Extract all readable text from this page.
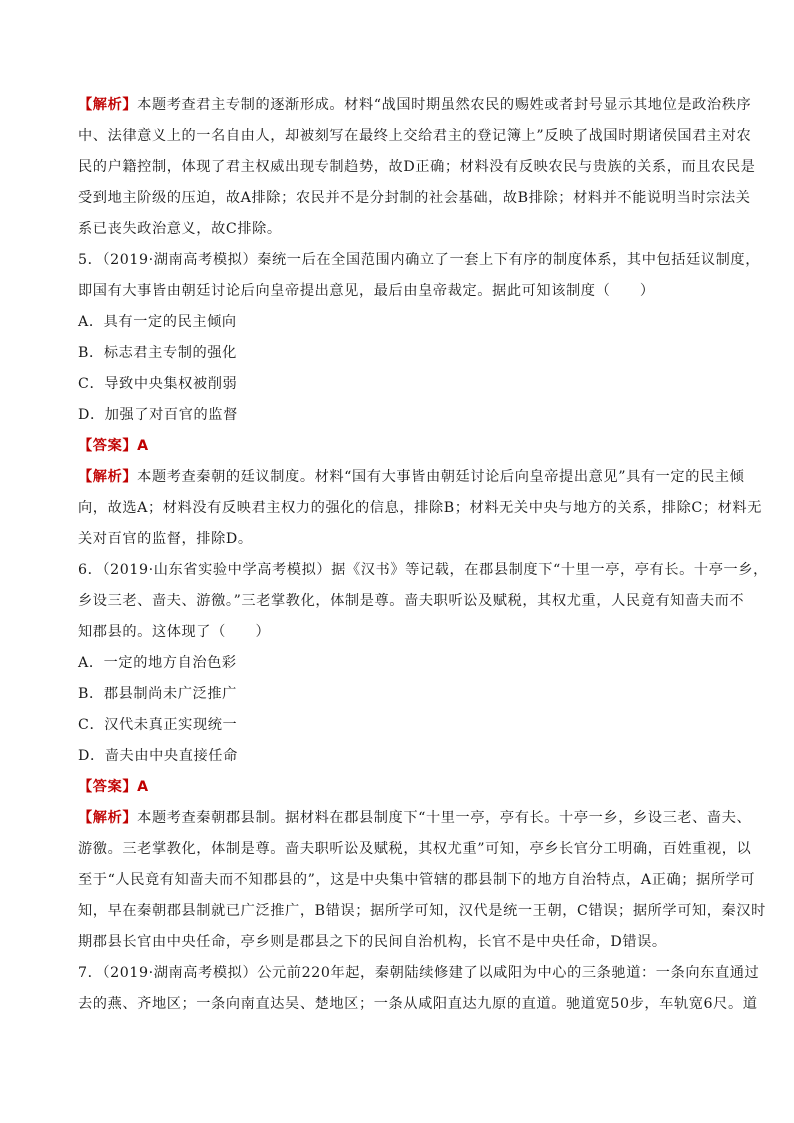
【解析】本题考查君主专制的逐渐形成。材料“战国时期虽然农民的赐姓或者封号显示其地位是政治秩序
中、法律意义上的一名自由人，却被刻写在最终上交给君主的登记簿上”反映了战国时期诸侯国君主对农
民的户籍控制，体现了君主权威出现专制趋势，故D正确；材料没有反映农民与贵族的关系，而且农民是
受到地主阶级的压迫，故A排除；农民并不是分封制的社会基础，故B排除；材料并不能说明当时宗法关
系已丧失政治意义，故C排除。
5．（2019·湖南高考模拟）秦统一后在全国范围内确立了一套上下有序的制度体系，其中包括廷议制度，
即国有大事皆由朝廷讨论后向皇帝提出意见，最后由皇帝裁定。据此可知该制度（　　）
A．具有一定的民主倾向
B．标志君主专制的强化
C．导致中央集权被削弱
D．加强了对百官的监督
【答案】A
【解析】本题考查秦朝的廷议制度。材料“国有大事皆由朝廷讨论后向皇帝提出意见”具有一定的民主倾
向，故选A；材料没有反映君主权力的强化的信息，排除B；材料无关中央与地方的关系，排除C；材料无
关对百官的监督，排除D。
6．（2019·山东省实验中学高考模拟）据《汉书》等记载，在郡县制度下“十里一亭，亭有长。十亭一乡，
乡设三老、啬夫、游徼。”三老掌教化，体制是尊。啬夫职听讼及赋税，其权尤重，人民竟有知啬夫而不
知郡县的。这体现了（　　）
A．一定的地方自治色彩
B．郡县制尚未广泛推广
C．汉代未真正实现统一
D．啬夫由中央直接任命
【答案】A
【解析】本题考查秦朝郡县制。据材料在郡县制度下“十里一亭，亭有长。十亭一乡，乡设三老、啬夫、
游徼。三老掌教化，体制是尊。啬夫职听讼及赋税，其权尤重”可知，亭乡长官分工明确，百姓重视，以
至于“人民竟有知啬夫而不知郡县的”，这是中央集中管辖的郡县制下的地方自治特点，A正确；据所学可
知，早在秦朝郡县制就已广泛推广，B错误；据所学可知，汉代是统一王朝，C错误；据所学可知，秦汉时
期郡县长官由中央任命，亭乡则是郡县之下的民间自治机构，长官不是中央任命，D错误。
7．（2019·湖南高考模拟）公元前220年起，秦朝陆续修建了以咸阳为中心的三条驰道：一条向东直通过
去的燕、齐地区；一条向南直达吴、楚地区；一条从咸阳直达九原的直道。驰道宽50步，车轨宽6尺。道
